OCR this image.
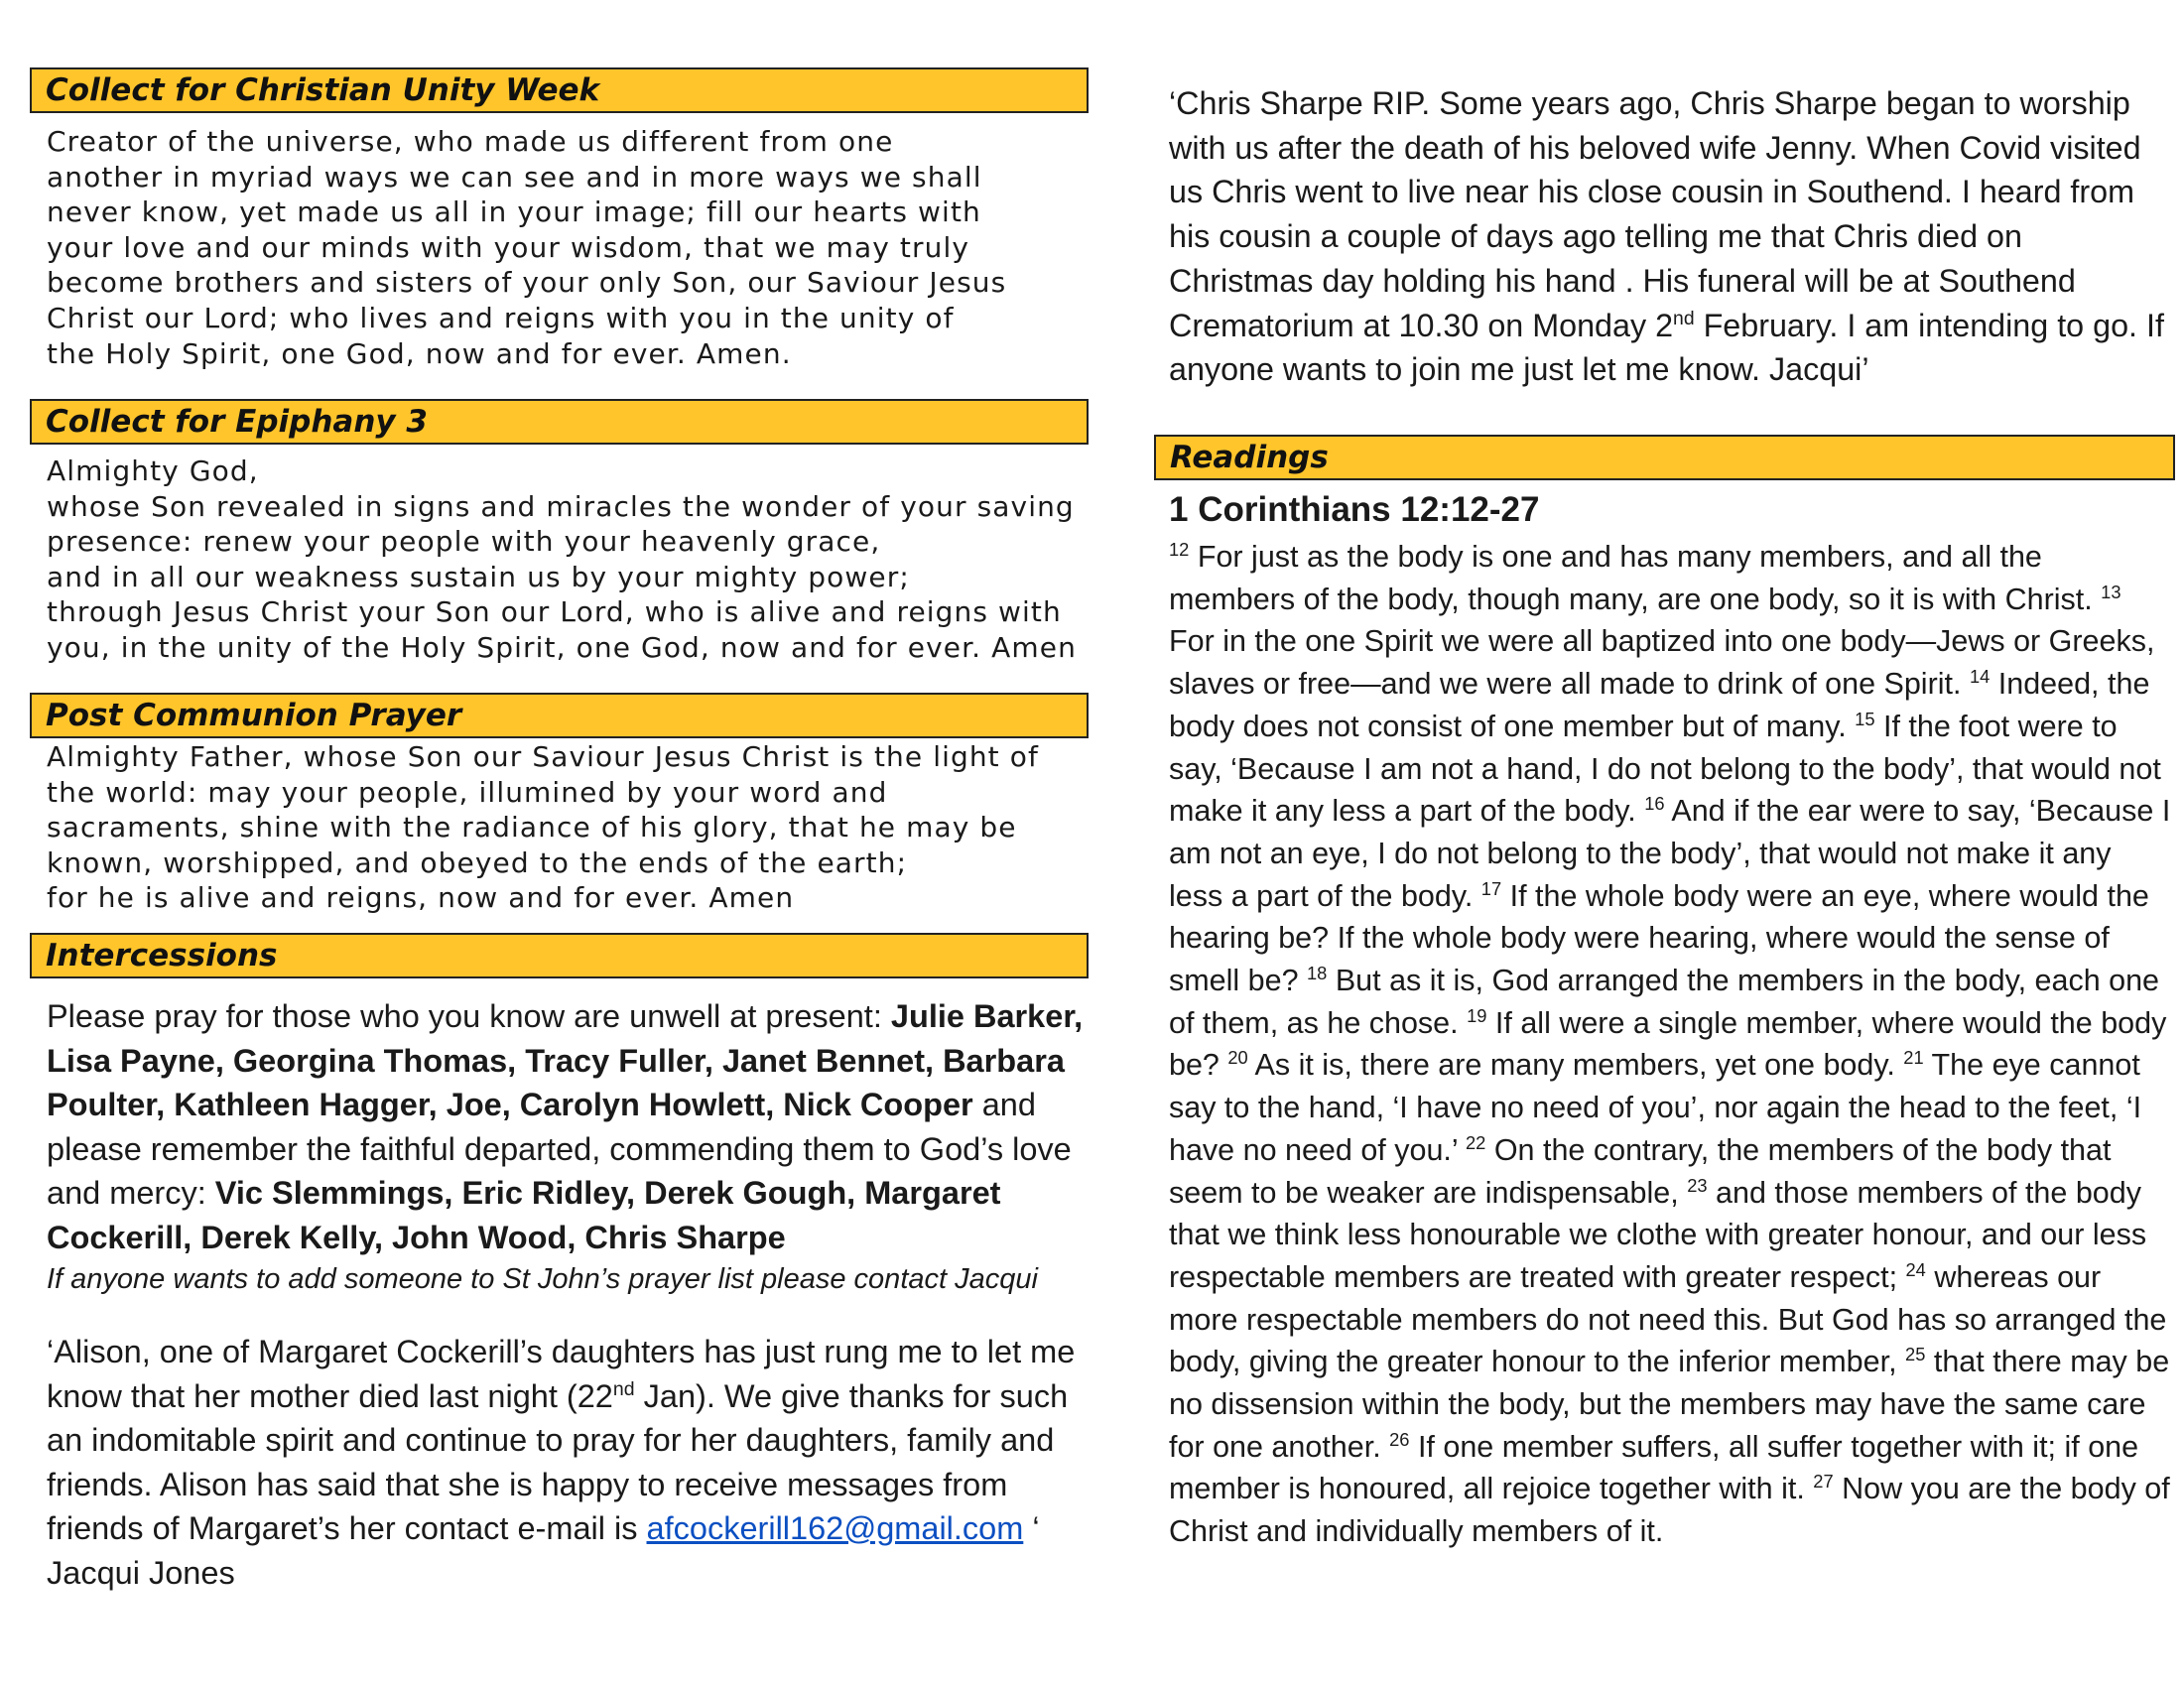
Collect for Christian Unity Week
Creator of the universe, who made us different from one
another in myriad ways we can see and in more ways we shall
never know, yet made us all in your image; fill our hearts with
your love and our minds with your wisdom, that we may truly
become brothers and sisters of your only Son, our Saviour Jesus
Christ our Lord; who lives and reigns with you in the unity of
the Holy Spirit, one God, now and for ever. Amen.
Collect for Epiphany 3
Almighty God,
whose Son revealed in signs and miracles the wonder of your saving
presence: renew your people with your heavenly grace,
and in all our weakness sustain us by your mighty power;
through Jesus Christ your Son our Lord, who is alive and reigns with
you, in the unity of the Holy Spirit, one God, now and for ever. Amen
Post Communion Prayer
Almighty Father, whose Son our Saviour Jesus Christ is the light of
the world: may your people, illumined by your word and
sacraments, shine with the radiance of his glory, that he may be
known, worshipped, and obeyed to the ends of the earth;
for he is alive and reigns, now and for ever. Amen
Intercessions

Please pray for those who you know are unwell at present: Julie Barker, Lisa Payne, Georgina Thomas, Tracy Fuller, Janet Bennet, Barbara Poulter, Kathleen Hagger, Joe, Carolyn Howlett, Nick Cooper and please remember the faithful departed, commending them to God’s love and mercy: Vic Slemmings, Eric Ridley, Derek Gough, Margaret Cockerill, Derek Kelly, John Wood, Chris Sharpe

If anyone wants to add someone to St John’s prayer list please contact Jacqui

‘Alison, one of Margaret Cockerill’s daughters has just rung me to let me know that her mother died last night (22nd Jan). We give thanks for such an indomitable spirit and continue to pray for her daughters, family and friends. Alison has said that she is happy to receive messages from friends of Margaret’s her contact e-mail is afcockerill162@gmail.com ‘ Jacqui Jones

‘Chris Sharpe RIP. Some years ago, Chris Sharpe began to worship with us after the death of his beloved wife Jenny. When Covid visited us Chris went to live near his close cousin in Southend. I heard from his cousin a couple of days ago telling me that Chris died on Christmas day holding his hand . His funeral will be at Southend Crematorium at 10.30 on Monday 2nd February. I am intending to go. If anyone wants to join me just let me know. Jacqui’

Readings
1 Corinthians 12:12-27
$^{12}$ For just as the body is one and has many members, and all the members of the body, though many, are one body, so it is with Christ. $^{13}$ For in the one Spirit we were all baptized into one body—Jews or Greeks, slaves or free—and we were all made to drink of one Spirit. $^{14}$ Indeed, the body does not consist of one member but of many. $^{15}$ If the foot were to say, ‘Because I am not a hand, I do not belong to the body’, that would not make it any less a part of the body. $^{16}$ And if the ear were to say, ‘Because I am not an eye, I do not belong to the body’, that would not make it any less a part of the body. $^{17}$ If the whole body were an eye, where would the hearing be? If the whole body were hearing, where would the sense of smell be? $^{18}$ But as it is, God arranged the members in the body, each one of them, as he chose. $^{19}$ If all were a single member, where would the body be? $^{20}$ As it is, there are many members, yet one body. $^{21}$ The eye cannot say to the hand, ‘I have no need of you’, nor again the head to the feet, ‘I have no need of you.’ $^{22}$ On the contrary, the members of the body that seem to be weaker are indispensable, $^{23}$ and those members of the body that we think less honourable we clothe with greater honour, and our less respectable members are treated with greater respect; $^{24}$ whereas our more respectable members do not need this. But God has so arranged the body, giving the greater honour to the inferior member, $^{25}$ that there may be no dissension within the body, but the members may have the same care for one another. $^{26}$ If one member suffers, all suffer together with it; if one member is honoured, all rejoice together with it. $^{27}$ Now you are the body of Christ and individually members of it.
